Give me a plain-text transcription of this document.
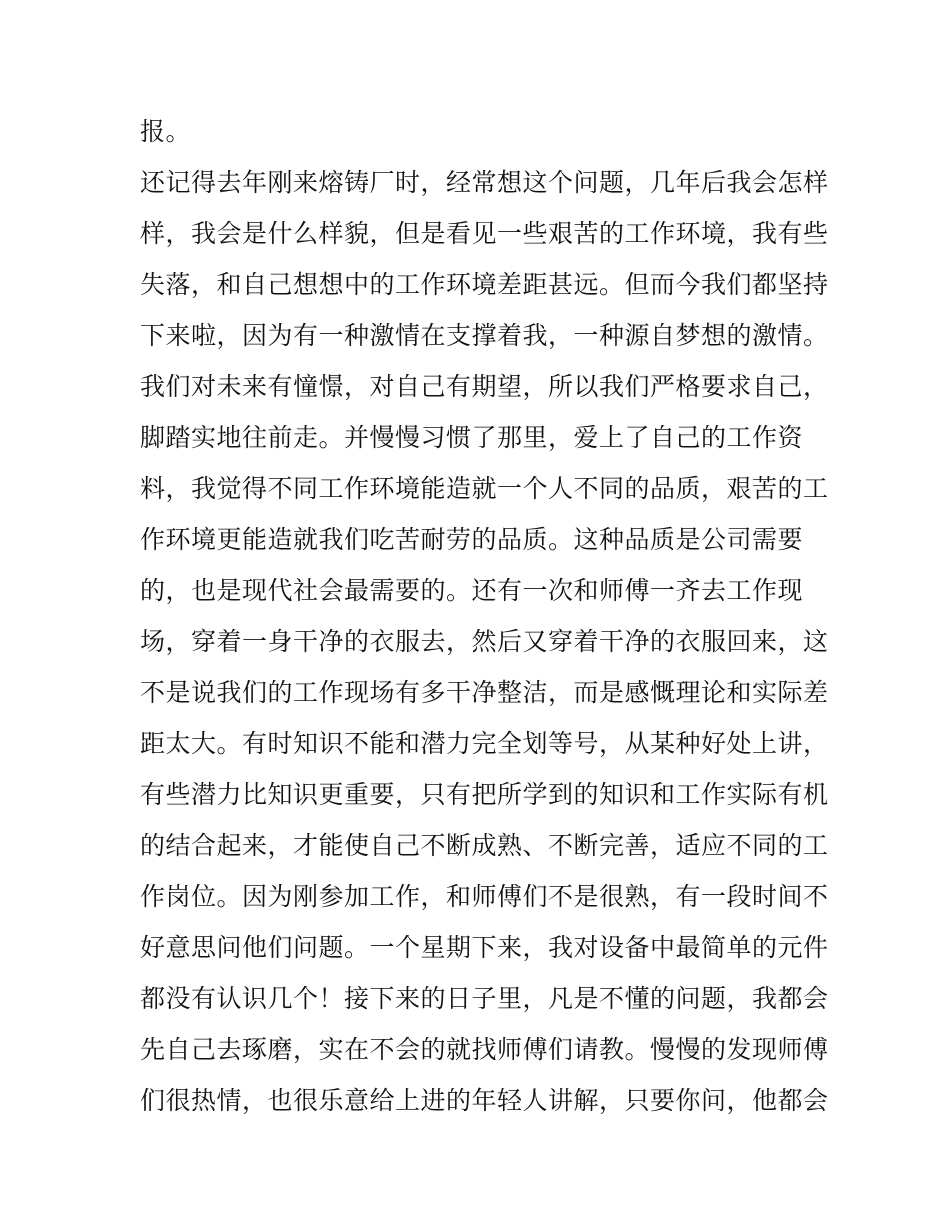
报。
还记得去年刚来熔铸厂时，经常想这个问题，几年后我会怎样
样，我会是什么样貌，但是看见一些艰苦的工作环境，我有些
失落，和自己想想中的工作环境差距甚远。但而今我们都坚持
下来啦，因为有一种激情在支撑着我，一种源自梦想的激情。
我们对未来有憧憬，对自己有期望，所以我们严格要求自己，
脚踏实地往前走。并慢慢习惯了那里，爱上了自己的工作资
料，我觉得不同工作环境能造就一个人不同的品质，艰苦的工
作环境更能造就我们吃苦耐劳的品质。这种品质是公司需要
的，也是现代社会最需要的。还有一次和师傅一齐去工作现
场，穿着一身干净的衣服去，然后又穿着干净的衣服回来，这
不是说我们的工作现场有多干净整洁，而是感慨理论和实际差
距太大。有时知识不能和潜力完全划等号，从某种好处上讲，
有些潜力比知识更重要，只有把所学到的知识和工作实际有机
的结合起来，才能使自己不断成熟、不断完善，适应不同的工
作岗位。因为刚参加工作，和师傅们不是很熟，有一段时间不
好意思问他们问题。一个星期下来，我对设备中最简单的元件
都没有认识几个！接下来的日子里，凡是不懂的问题，我都会
先自己去琢磨，实在不会的就找师傅们请教。慢慢的发现师傅
们很热情，也很乐意给上进的年轻人讲解，只要你问，他都会
